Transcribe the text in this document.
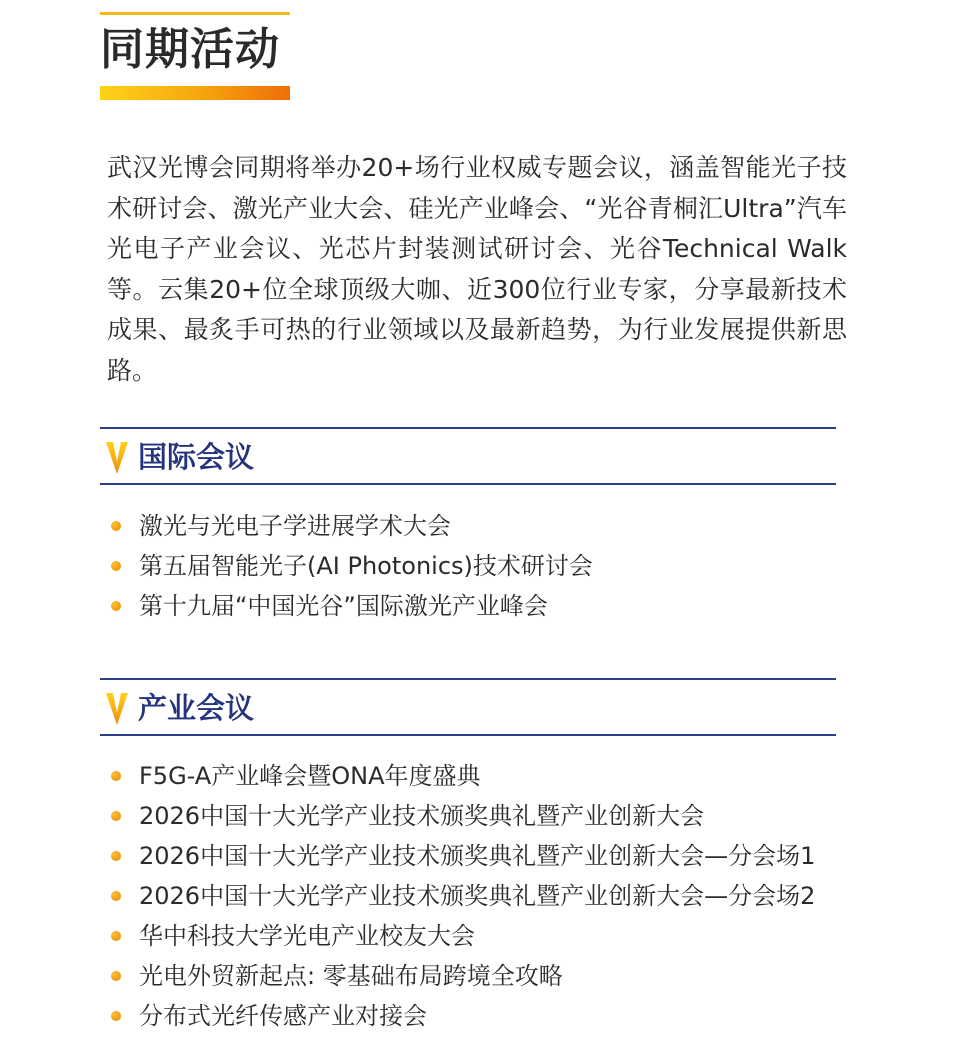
同期活动

武汉光博会同期将举办20+场行业权威专题会议，涵盖智能光子技术研讨会、激光产业大会、硅光产业峰会、“光谷青桐汇Ultra”汽车光电子产业会议、光芯片封装测试研讨会、光谷Technical Walk等。云集20+位全球顶级大咖、近300位行业专家，分享最新技术成果、最炙手可热的行业领域以及最新趋势，为行业发展提供新思路。

国际会议
激光与光电子学进展学术大会
第五届智能光子(AI Photonics)技术研讨会
第十九届“中国光谷”国际激光产业峰会
产业会议
F5G-A产业峰会暨ONA年度盛典
2026中国十大光学产业技术颁奖典礼暨产业创新大会
2026中国十大光学产业技术颁奖典礼暨产业创新大会—分会场1
2026中国十大光学产业技术颁奖典礼暨产业创新大会—分会场2
华中科技大学光电产业校友大会
光电外贸新起点: 零基础布局跨境全攻略
分布式光纤传感产业对接会
